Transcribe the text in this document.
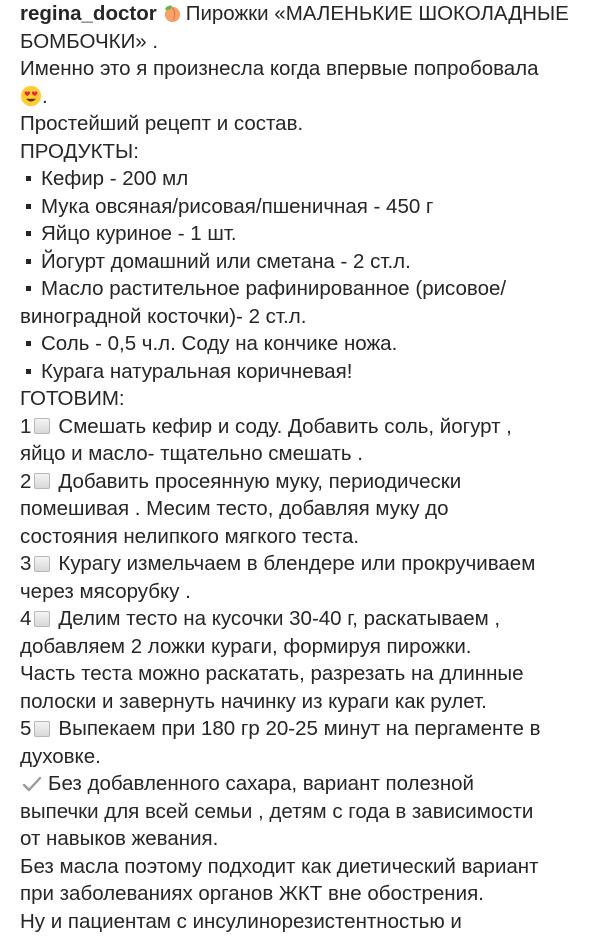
regina_doctor Пирожки «МАЛЕНЬКИЕ ШОКОЛАДНЫЕ
БОМБОЧКИ» .
Именно это я произнесла когда впервые попробовала
.
Простейший рецепт и состав.
ПРОДУКТЫ:
Кефир - 200 мл
Мука овсяная/рисовая/пшеничная - 450 г
Яйцо куриное - 1 шт.
Йогурт домашний или сметана - 2 ст.л.
Масло растительное рафинированное (рисовое/
виноградной косточки)- 2 ст.л.
Соль - 0,5 ч.л. Соду на кончике ножа.
Курага натуральная коричневая!
ГОТОВИМ:
1 Смешать кефир и соду. Добавить соль, йогурт ,
яйцо и масло- тщательно смешать .
2 Добавить просеянную муку, периодически
помешивая . Месим тесто, добавляя муку до
состояния нелипкого мягкого теста.
3 Курагу измельчаем в блендере или прокручиваем
через мясорубку .
4 Делим тесто на кусочки 30-40 г, раскатываем ,
добавляем 2 ложки кураги, формируя пирожки.
Часть теста можно раскатать, разрезать на длинные
полоски и завернуть начинку из кураги как рулет.
5 Выпекаем при 180 гр 20-25 минут на пергаменте в
духовке.
Без добавленного сахара, вариант полезной
выпечки для всей семьи , детям с года в зависимости
от навыков жевания.
Без масла поэтому подходит как диетический вариант
при заболеваниях органов ЖКТ вне обострения.
Ну и пациентам с инсулинорезистентностью и
